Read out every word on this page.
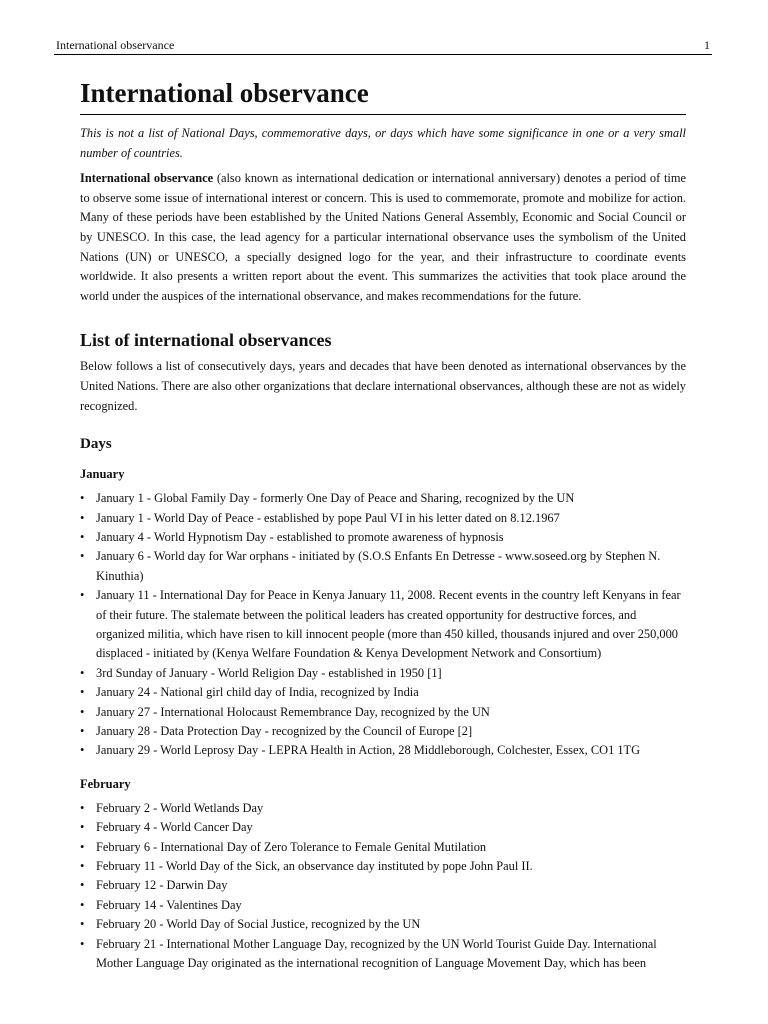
International observance	1
International observance

This is not a list of National Days, commemorative days, or days which have some significance in one or a very small number of countries.

International observance (also known as international dedication or international anniversary) denotes a period of time to observe some issue of international interest or concern. This is used to commemorate, promote and mobilize for action. Many of these periods have been established by the United Nations General Assembly, Economic and Social Council or by UNESCO. In this case, the lead agency for a particular international observance uses the symbolism of the United Nations (UN) or UNESCO, a specially designed logo for the year, and their infrastructure to coordinate events worldwide. It also presents a written report about the event. This summarizes the activities that took place around the world under the auspices of the international observance, and makes recommendations for the future.

List of international observances

Below follows a list of consecutively days, years and decades that have been denoted as international observances by the United Nations. There are also other organizations that declare international observances, although these are not as widely recognized.

Days
January
• January 1 - Global Family Day - formerly One Day of Peace and Sharing, recognized by the UN
• January 1 - World Day of Peace - established by pope Paul VI in his letter dated on 8.12.1967
• January 4 - World Hypnotism Day - established to promote awareness of hypnosis
• January 6 - World day for War orphans - initiated by (S.O.S Enfants En Detresse - www.soseed.org by Stephen N. Kinuthia)
• January 11 - International Day for Peace in Kenya January 11, 2008. Recent events in the country left Kenyans in fear of their future. The stalemate between the political leaders has created opportunity for destructive forces, and organized militia, which have risen to kill innocent people (more than 450 killed, thousands injured and over 250,000 displaced - initiated by (Kenya Welfare Foundation & Kenya Development Network and Consortium)
• 3rd Sunday of January - World Religion Day - established in 1950 [1]
• January 24 - National girl child day of India, recognized by India
• January 27 - International Holocaust Remembrance Day, recognized by the UN
• January 28 - Data Protection Day - recognized by the Council of Europe [2]
• January 29 - World Leprosy Day - LEPRA Health in Action, 28 Middleborough, Colchester, Essex, CO1 1TG
February
• February 2 - World Wetlands Day
• February 4 - World Cancer Day
• February 6 - International Day of Zero Tolerance to Female Genital Mutilation
• February 11 - World Day of the Sick, an observance day instituted by pope John Paul II.
• February 12 - Darwin Day
• February 14 - Valentines Day
• February 20 - World Day of Social Justice, recognized by the UN
• February 21 - International Mother Language Day, recognized by the UN World Tourist Guide Day. International Mother Language Day originated as the international recognition of Language Movement Day, which has been
